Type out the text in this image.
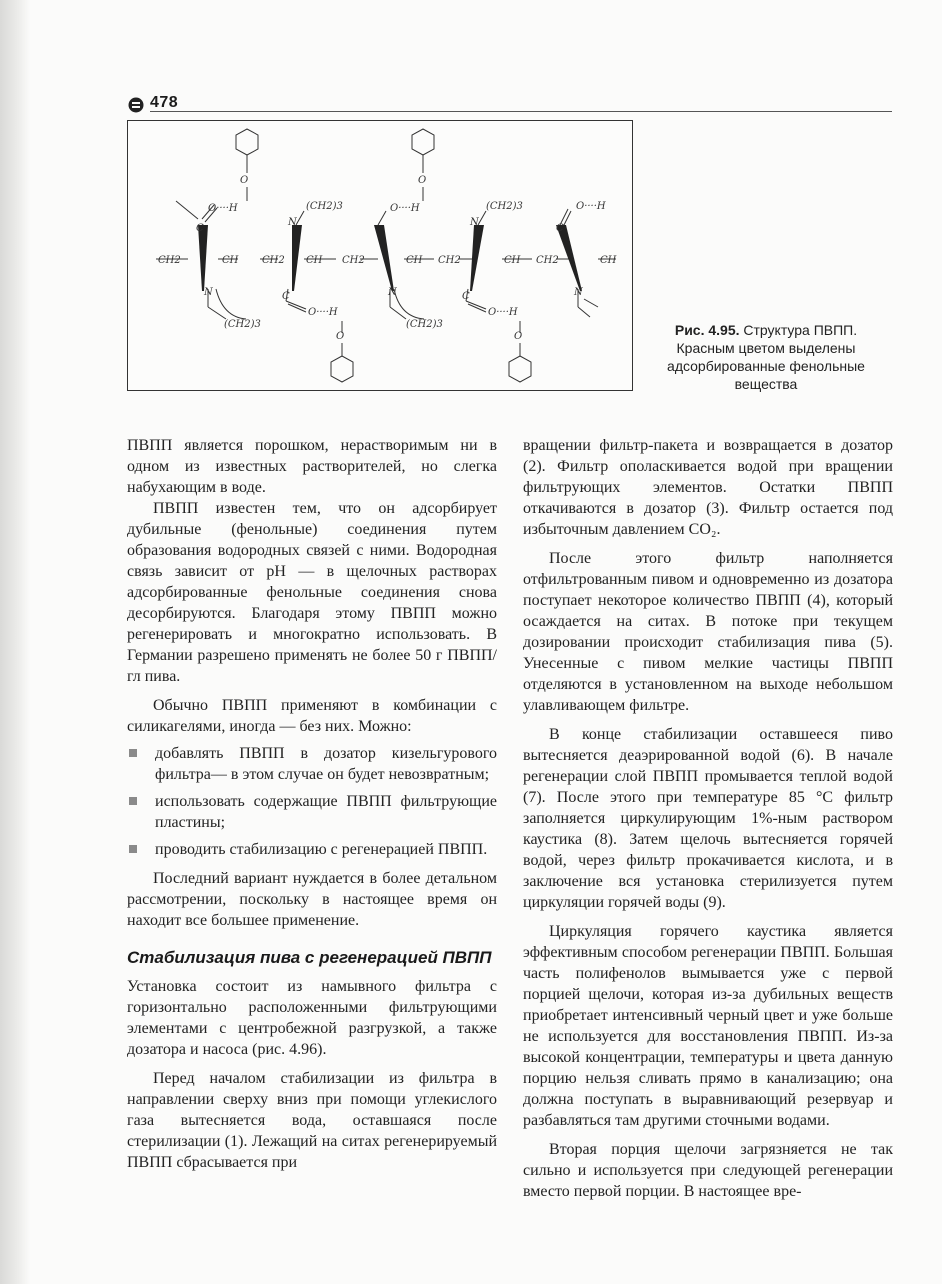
478
O	O
O····H	O····H	O····H
C	C
N	N
(CH2)3	(CH2)3
CH2	CH CH2 CH CH2	CH CH2	CH CH2	CH
N	N	N
C	C
O····H	O····H
O	O
(CH2)3	(CH2)3	Рис. 4.95. Структура ПВПП. Красным цветом выделены адсорбированные фенольные вещества

ПВПП является порошком, нерастворимым ни в одном из известных растворителей, но слегка набухающим в воде.

ПВПП известен тем, что он адсорбирует дубильные (фенольные) соединения путем образования водородных связей с ними. Водородная связь зависит от pH — в щелочных растворах адсорбированные фенольные соединения снова десорбируются. Благодаря этому ПВПП можно регенерировать и многократно использовать. В Германии разрешено применять не более 50 г ПВПП/гл пива.

Обычно ПВПП применяют в комбинации с силикагелями, иногда — без них. Можно:

добавлять ПВПП в дозатор кизельгурового фильтра— в этом случае он будет невозвратным;
использовать содержащие ПВПП фильтрующие пластины;
проводить стабилизацию с регенерацией ПВПП.

Последний вариант нуждается в более детальном рассмотрении, поскольку в настоящее время он находит все большее применение.

Стабилизация пива с регенерацией ПВПП

Установка состоит из намывного фильтра с горизонтально расположенными фильтрующими элементами с центробежной разгрузкой, а также дозатора и насоса (рис. 4.96).

Перед началом стабилизации из фильтра в направлении сверху вниз при помощи углекислого газа вытесняется вода, оставшаяся после стерилизации (1). Лежащий на ситах регенерируемый ПВПП сбрасывается при

вращении фильтр-пакета и возвращается в дозатор (2). Фильтр ополаскивается водой при вращении фильтрующих элементов. Остатки ПВПП откачиваются в дозатор (3). Фильтр остается под избыточным давлением CO₂.

После этого фильтр наполняется отфильтрованным пивом и одновременно из дозатора поступает некоторое количество ПВПП (4), который осаждается на ситах. В потоке при текущем дозировании происходит стабилизация пива (5). Унесенные с пивом мелкие частицы ПВПП отделяются в установленном на выходе небольшом улавливающем фильтре.

В конце стабилизации оставшееся пиво вытесняется деаэрированной водой (6). В начале регенерации слой ПВПП промывается теплой водой (7). После этого при температуре 85 °С фильтр заполняется циркулирующим 1%-ным раствором каустика (8). Затем щелочь вытесняется горячей водой, через фильтр прокачивается кислота, и в заключение вся установка стерилизуется путем циркуляции горячей воды (9).

Циркуляция горячего каустика является эффективным способом регенерации ПВПП. Большая часть полифенолов вымывается уже с первой порцией щелочи, которая из-за дубильных веществ приобретает интенсивный черный цвет и уже больше не используется для восстановления ПВПП. Из-за высокой концентрации, температуры и цвета данную порцию нельзя сливать прямо в канализацию; она должна поступать в выравнивающий резервуар и разбавляться там другими сточными водами.

Вторая порция щелочи загрязняется не так сильно и используется при следующей регенерации вместо первой порции. В настоящее вре-
